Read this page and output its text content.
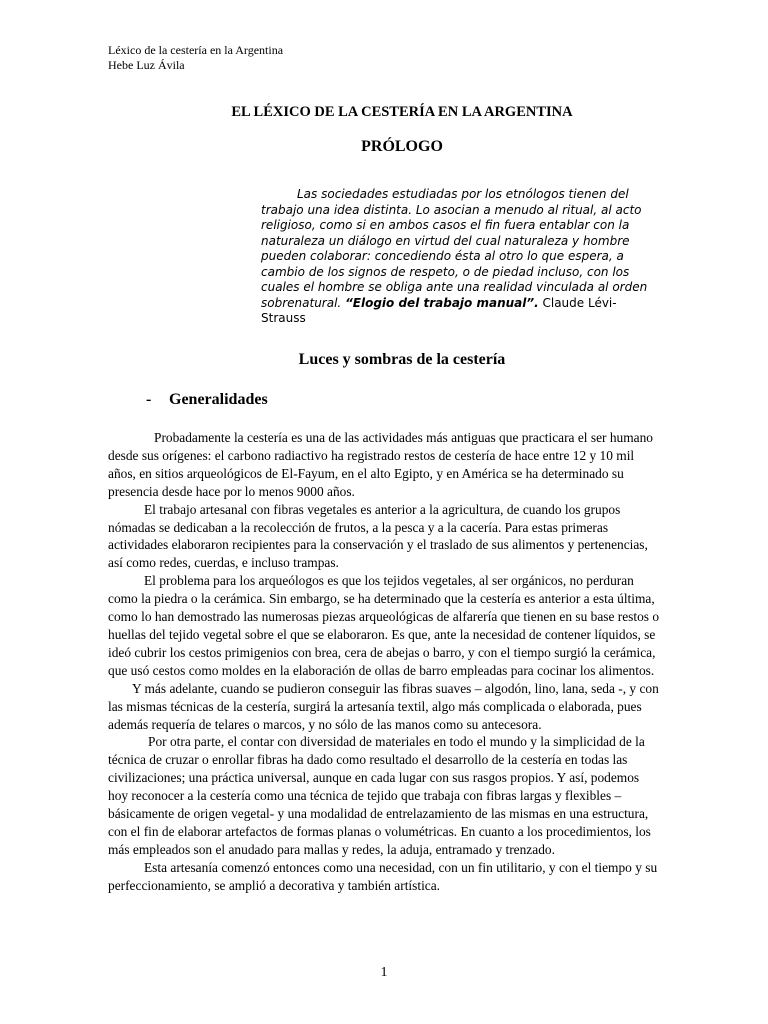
Léxico de la cestería en la Argentina
Hebe Luz Ávila
EL LÉXICO DE LA CESTERÍA EN LA ARGENTINA
PRÓLOGO
Las sociedades estudiadas por los etnólogos tienen del trabajo una idea distinta. Lo asocian a menudo al ritual, al acto religioso, como si en ambos casos el fin fuera entablar con la naturaleza un diálogo en virtud del cual naturaleza y hombre pueden colaborar: concediendo ésta al otro lo que espera, a cambio de los signos de respeto, o de piedad incluso, con los cuales el hombre se obliga ante una realidad vinculada al orden sobrenatural. “Elogio del trabajo manual”. Claude Lévi-Strauss
Luces y sombras de la cestería
- Generalidades

Probadamente la cestería es una de las actividades más antiguas que practicara el ser humano desde sus orígenes: el carbono radiactivo ha registrado restos de cestería de hace entre 12 y 10 mil años, en sitios arqueológicos de El-Fayum, en el alto Egipto, y en América se ha determinado su presencia desde hace por lo menos 9000 años.

El trabajo artesanal con fibras vegetales es anterior a la agricultura, de cuando los grupos nómadas se dedicaban a la recolección de frutos, a la pesca y a la cacería. Para estas primeras actividades elaboraron recipientes para la conservación y el traslado de sus alimentos y pertenencias, así como redes, cuerdas, e incluso trampas.

El problema para los arqueólogos es que los tejidos vegetales, al ser orgánicos, no perduran como la piedra o la cerámica. Sin embargo, se ha determinado que la cestería es anterior a esta última, como lo han demostrado las numerosas piezas arqueológicas de alfarería que tienen en su base restos o huellas del tejido vegetal sobre el que se elaboraron. Es que, ante la necesidad de contener líquidos, se ideó cubrir los cestos primigenios con brea, cera de abejas o barro, y con el tiempo surgió la cerámica, que usó cestos como moldes en la elaboración de ollas de barro empleadas para cocinar los alimentos.

Y más adelante, cuando se pudieron conseguir las fibras suaves – algodón, lino, lana, seda -, y con las mismas técnicas de la cestería, surgirá la artesanía textil, algo más complicada o elaborada, pues además requería de telares o marcos, y no sólo de las manos como su antecesora.

Por otra parte, el contar con diversidad de materiales en todo el mundo y la simplicidad de la técnica de cruzar o enrollar fibras ha dado como resultado el desarrollo de la cestería en todas las civilizaciones; una práctica universal, aunque en cada lugar con sus rasgos propios. Y así, podemos hoy reconocer a la cestería como una técnica de tejido que trabaja con fibras largas y flexibles –básicamente de origen vegetal- y una modalidad de entrelazamiento de las mismas en una estructura, con el fin de elaborar artefactos de formas planas o volumétricas. En cuanto a los procedimientos, los más empleados son el anudado para mallas y redes, la aduja, entramado y trenzado.

Esta artesanía comenzó entonces como una necesidad, con un fin utilitario, y con el tiempo y su perfeccionamiento, se amplió a decorativa y también artística.

1
